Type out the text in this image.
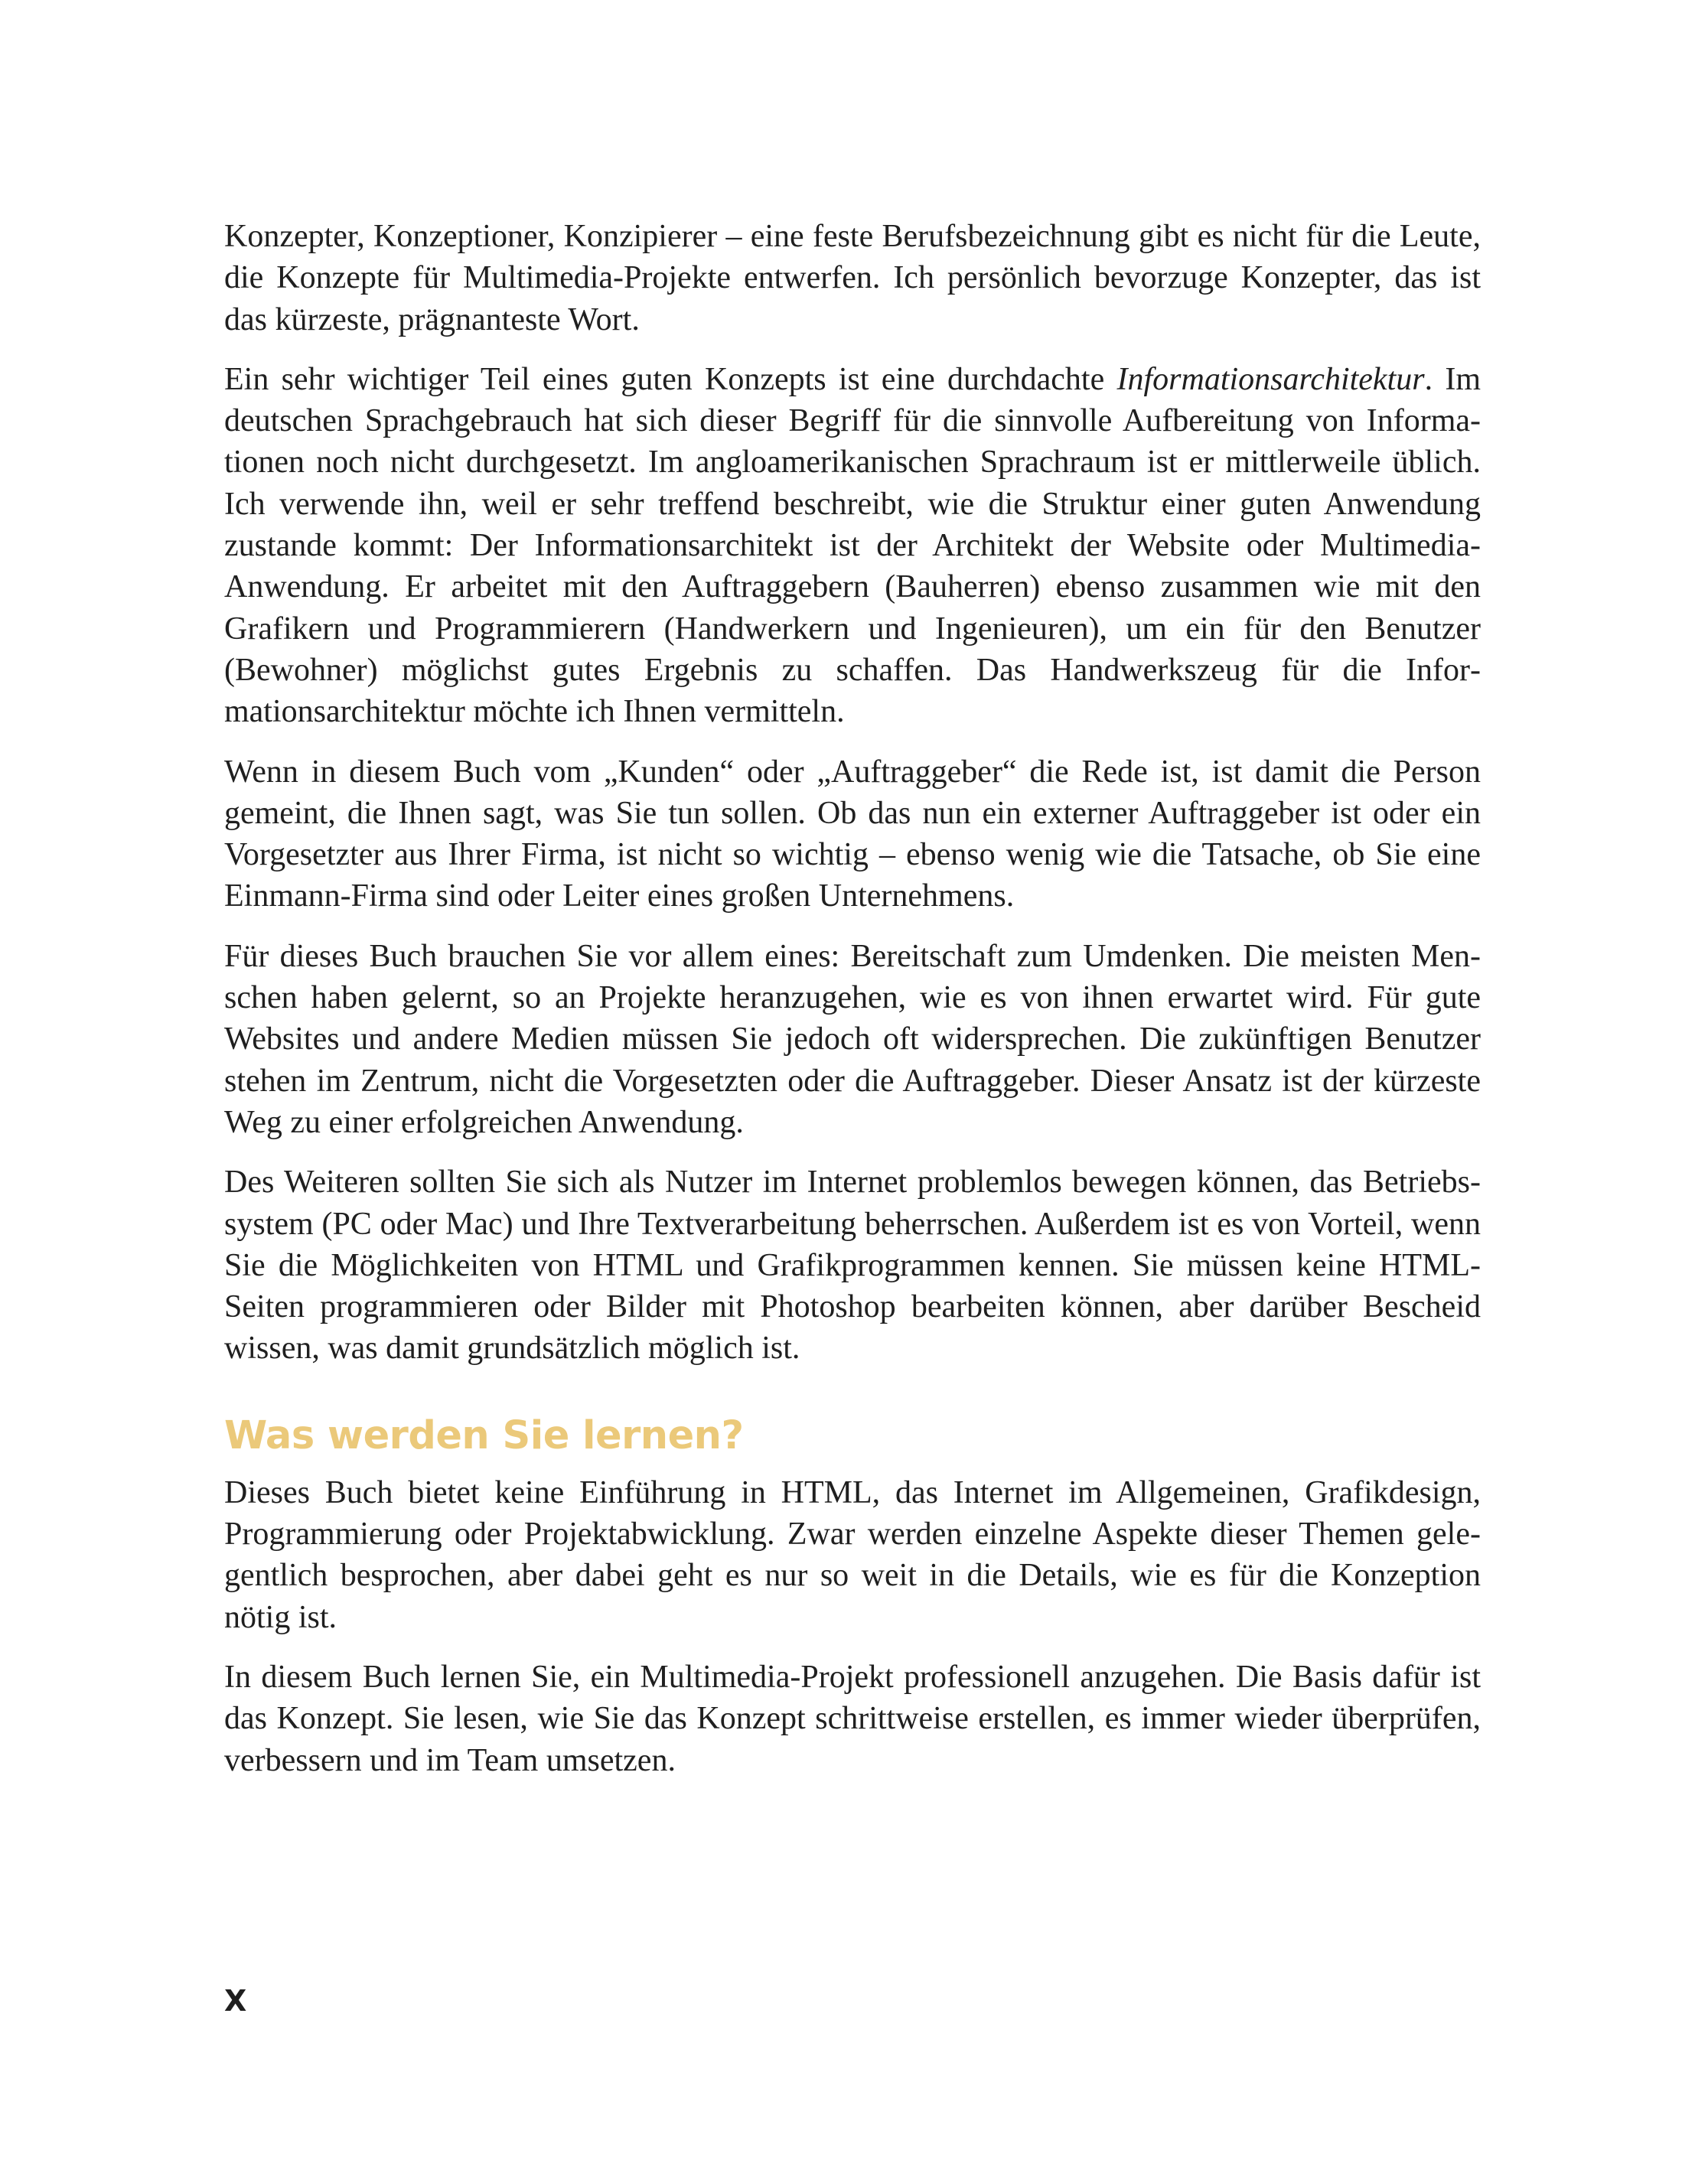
Konzepter, Konzeptioner, Konzipierer – eine feste Berufsbezeichnung gibt es nicht für die Leute, die Konzepte für Multimedia-Projekte entwerfen. Ich persönlich bevorzuge Konzepter, das ist das kürzeste, prägnanteste Wort.

Ein sehr wichtiger Teil eines guten Konzepts ist eine durchdachte Informationsarchitektur. Im deutschen Sprachgebrauch hat sich dieser Begriff für die sinnvolle Aufbereitung von Informationen noch nicht durchgesetzt. Im angloamerikanischen Sprachraum ist er mittlerweile üblich. Ich verwende ihn, weil er sehr treffend beschreibt, wie die Struktur einer guten Anwendung zustande kommt: Der Informationsarchitekt ist der Architekt der Website oder Multimedia-Anwendung. Er arbeitet mit den Auftraggebern (Bauherren) ebenso zusammen wie mit den Grafikern und Programmierern (Handwerkern und Ingenieuren), um ein für den Benutzer (Bewohner) möglichst gutes Ergebnis zu schaffen. Das Handwerkszeug für die Informationsarchitektur möchte ich Ihnen vermitteln.

Wenn in diesem Buch vom „Kunden“ oder „Auftraggeber“ die Rede ist, ist damit die Person gemeint, die Ihnen sagt, was Sie tun sollen. Ob das nun ein externer Auftraggeber ist oder ein Vorgesetzter aus Ihrer Firma, ist nicht so wichtig – ebenso wenig wie die Tatsache, ob Sie eine Einmann-Firma sind oder Leiter eines großen Unternehmens.

Für dieses Buch brauchen Sie vor allem eines: Bereitschaft zum Umdenken. Die meisten Menschen haben gelernt, so an Projekte heranzugehen, wie es von ihnen erwartet wird. Für gute Websites und andere Medien müssen Sie jedoch oft widersprechen. Die zukünftigen Benutzer stehen im Zentrum, nicht die Vorgesetzten oder die Auftraggeber. Dieser Ansatz ist der kürzeste Weg zu einer erfolgreichen Anwendung.

Des Weiteren sollten Sie sich als Nutzer im Internet problemlos bewegen können, das Betriebssystem (PC oder Mac) und Ihre Textverarbeitung beherrschen. Außerdem ist es von Vorteil, wenn Sie die Möglichkeiten von HTML und Grafikprogrammen kennen. Sie müssen keine HTML-Seiten programmieren oder Bilder mit Photoshop bearbeiten können, aber darüber Bescheid wissen, was damit grundsätzlich möglich ist.

Was werden Sie lernen?

Dieses Buch bietet keine Einführung in HTML, das Internet im Allgemeinen, Grafikdesign, Programmierung oder Projektabwicklung. Zwar werden einzelne Aspekte dieser Themen gelegentlich besprochen, aber dabei geht es nur so weit in die Details, wie es für die Konzeption nötig ist.

In diesem Buch lernen Sie, ein Multimedia-Projekt professionell anzugehen. Die Basis dafür ist das Konzept. Sie lesen, wie Sie das Konzept schrittweise erstellen, es immer wieder überprüfen, verbessern und im Team umsetzen.

X
